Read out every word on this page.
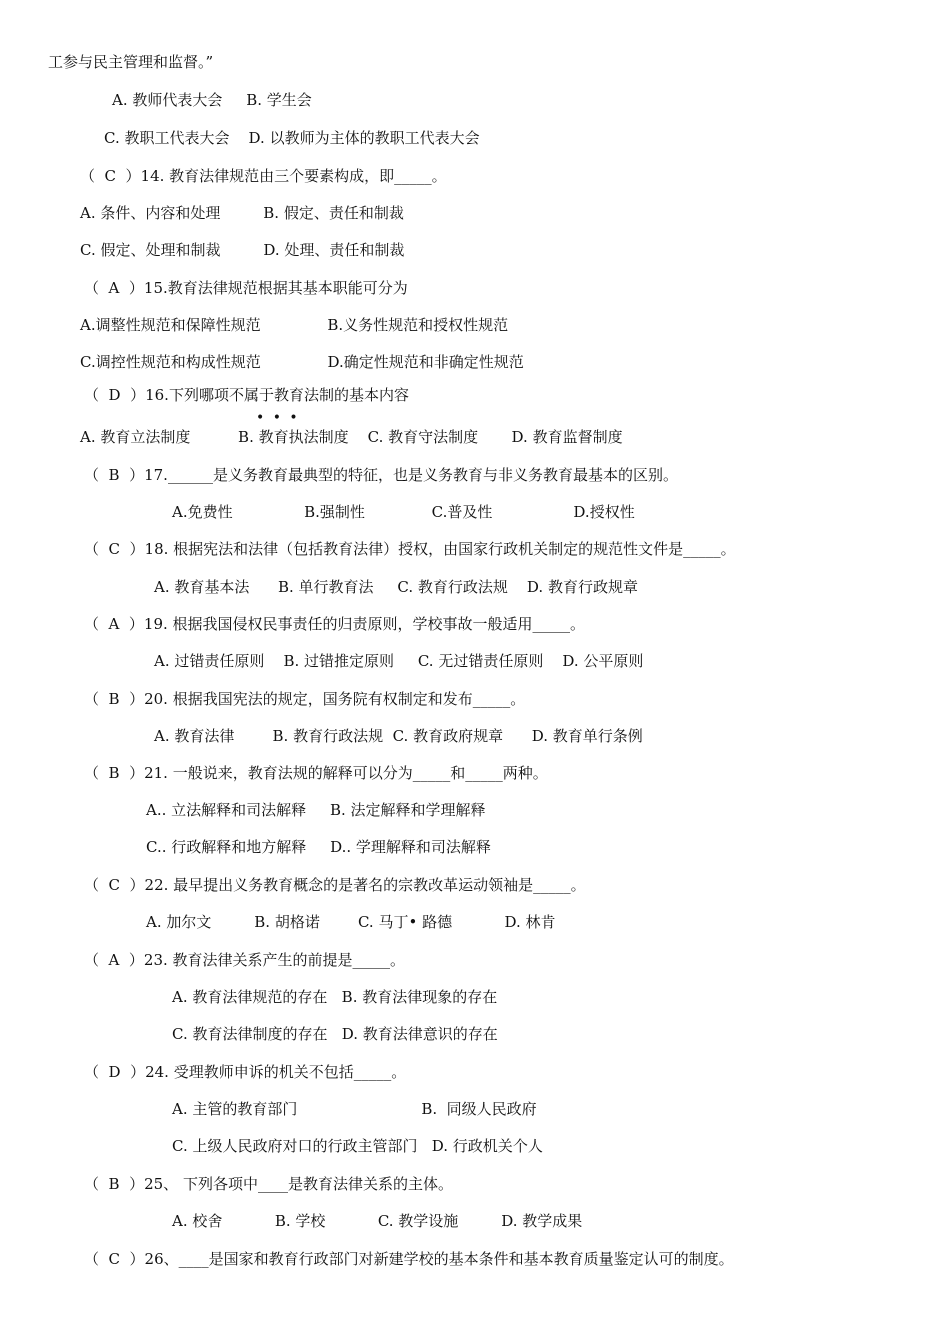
工参与民主管理和监督。”
A. 教师代表大会     B. 学生会
C. 教职工代表大会    D. 以教师为主体的教职工代表大会
（  C  ）14. 教育法律规范由三个要素构成，即_____。
A. 条件、内容和处理         B. 假定、责任和制裁
C. 假定、处理和制裁         D. 处理、责任和制裁
（  A  ）15.教育法律规范根据其基本职能可分为
A.调整性规范和保障性规范              B.义务性规范和授权性规范
C.调控性规范和构成性规范              D.确定性规范和非确定性规范
（  D  ）16.下列哪项不属于教育法制的基本内容
• • •
A. 教育立法制度          B. 教育执法制度    C. 教育守法制度       D. 教育监督制度
（  B  ）17.______是义务教育最典型的特征，也是义务教育与非义务教育最基本的区别。
A.免费性               B.强制性              C.普及性                 D.授权性
（  C  ）18. 根据宪法和法律（包括教育法律）授权，由国家行政机关制定的规范性文件是_____。
A. 教育基本法      B. 单行教育法     C. 教育行政法规    D. 教育行政规章
（  A  ）19. 根据我国侵权民事责任的归责原则，学校事故一般适用_____。
A. 过错责任原则    B. 过错推定原则     C. 无过错责任原则    D. 公平原则
（  B  ）20. 根据我国宪法的规定，国务院有权制定和发布_____。
A. 教育法律        B. 教育行政法规  C. 教育政府规章      D. 教育单行条例
（  B  ）21. 一般说来，教育法规的解释可以分为_____和_____两种。
A.. 立法解释和司法解释     B. 法定解释和学理解释
C.. 行政解释和地方解释     D.. 学理解释和司法解释
（  C  ）22. 最早提出义务教育概念的是著名的宗教改革运动领袖是_____。
A. 加尔文         B. 胡格诺        C. 马丁• 路德           D. 林肯
（  A  ）23. 教育法律关系产生的前提是_____。
A. 教育法律规范的存在   B. 教育法律现象的存在
C. 教育法律制度的存在   D. 教育法律意识的存在
（  D  ）24. 受理教师申诉的机关不包括_____。
A. 主管的教育部门                          B.  同级人民政府
C. 上级人民政府对口的行政主管部门   D. 行政机关个人
（  B  ）25、 下列各项中____是教育法律关系的主体。
A. 校舍           B. 学校           C. 教学设施         D. 教学成果
（  C  ）26、____是国家和教育行政部门对新建学校的基本条件和基本教育质量鉴定认可的制度。
